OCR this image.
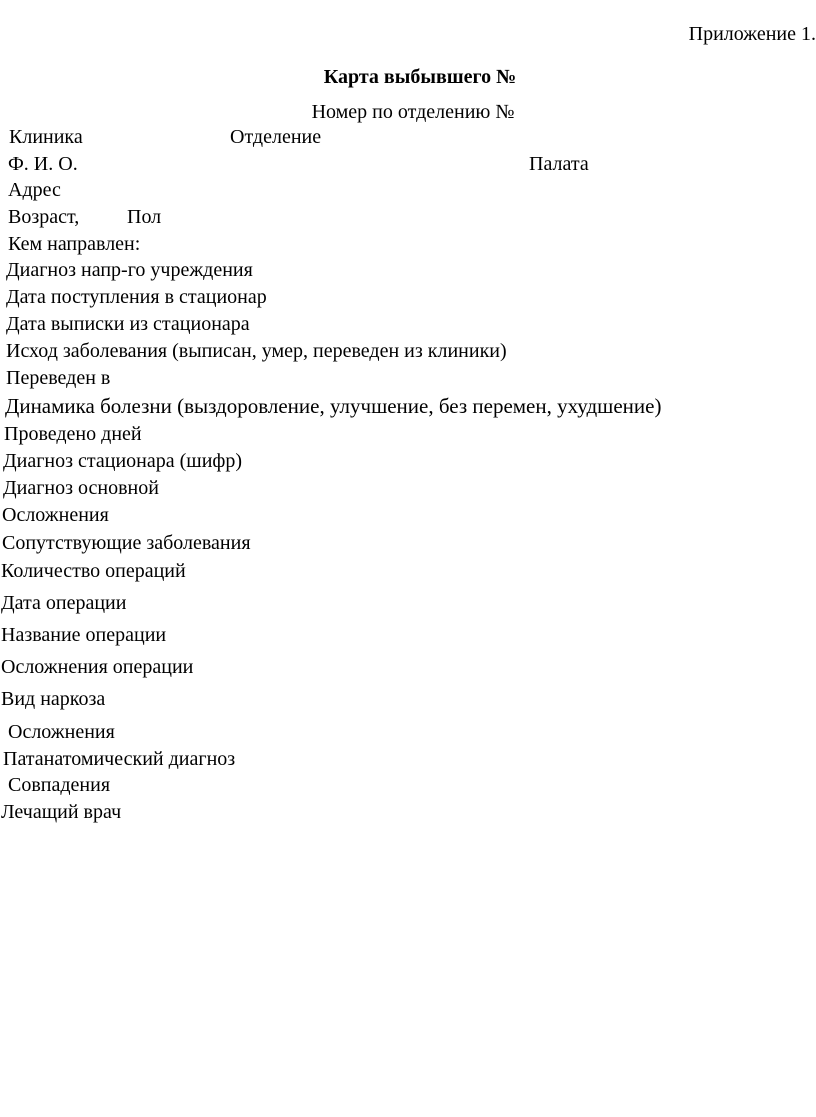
Приложение 1.
Карта выбывшего №
Номер по отделению №
Клиника	Отделение
Ф. И. О.	Палата
Адрес
Возраст, Пол
Кем направлен:
Диагноз напр-го учреждения
Дата поступления в стационар
Дата выписки из стационара
Исход заболевания (выписан, умер, переведен из клиники)
Переведен в
Динамика болезни (выздоровление, улучшение, без перемен, ухудшение)
Проведено дней
Диагноз стационара (шифр)
Диагноз основной
Осложнения
Сопутствующие заболевания
Количество операций
Дата операции
Название операции
Осложнения операции
Вид наркоза
Осложнения
Патанатомический диагноз
Совпадения
Лечащий врач
